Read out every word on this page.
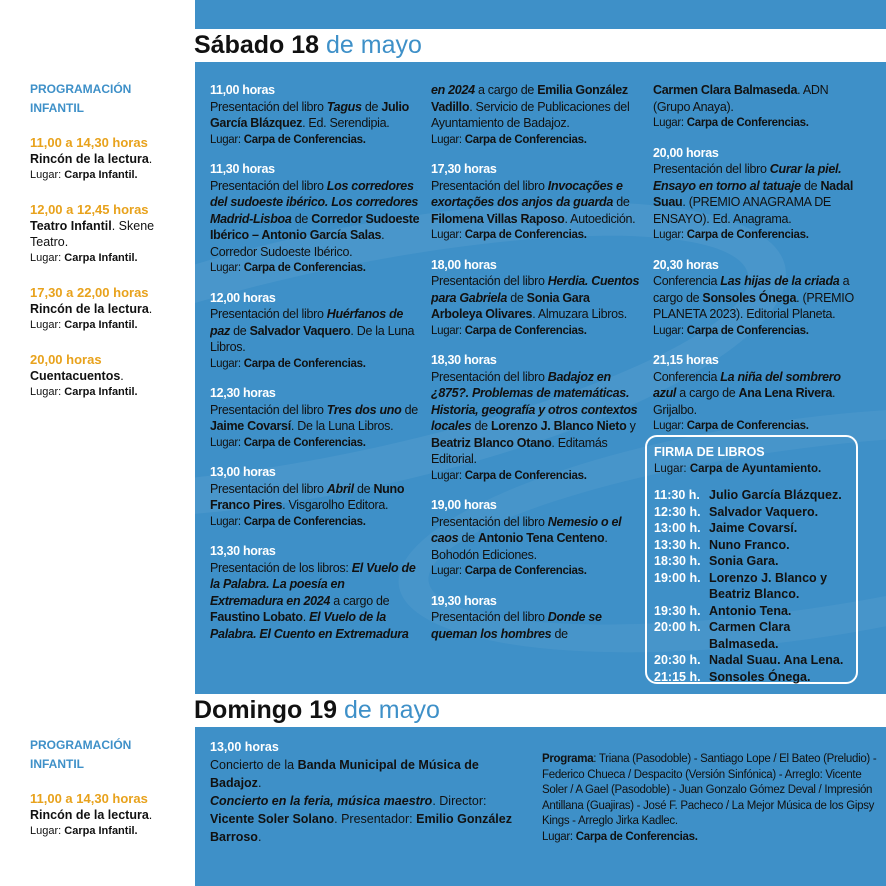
Sábado 18 de mayo
PROGRAMACIÓN
INFANTIL
11,00 a 14,30 horas
Rincón de la lectura.
Lugar: Carpa Infantil.
12,00 a 12,45 horas
Teatro Infantil. Skene Teatro.
Lugar: Carpa Infantil.
17,30 a 22,00 horas
Rincón de la lectura.
Lugar: Carpa Infantil.
20,00 horas
Cuentacuentos.
Lugar: Carpa Infantil.
11,00 horas
Presentación del libro Tagus de Julio García Blázquez. Ed. Serendipia.
Lugar: Carpa de Conferencias.
11,30 horas
Presentación del libro Los corredores del sudoeste ibérico. Los corredores Madrid-Lisboa de Corredor Sudoeste Ibérico – Antonio García Salas. Corredor Sudoeste Ibérico.
Lugar: Carpa de Conferencias.
12,00 horas
Presentación del libro Huérfanos de paz de Salvador Vaquero. De la Luna Libros.
Lugar: Carpa de Conferencias.
12,30 horas
Presentación del libro Tres dos uno de Jaime Covarsí. De la Luna Libros.
Lugar: Carpa de Conferencias.
13,00 horas
Presentación del libro Abril de Nuno Franco Pires. Visgarolho Editora.
Lugar: Carpa de Conferencias.
13,30 horas
Presentación de los libros: El Vuelo de la Palabra. La poesía en Extremadura en 2024 a cargo de Faustino Lobato. El Vuelo de la Palabra. El Cuento en Extremadura
en 2024 a cargo de Emilia González Vadillo. Servicio de Publicaciones del Ayuntamiento de Badajoz.
Lugar: Carpa de Conferencias.
17,30 horas
Presentación del libro Invocações e exortações dos anjos da guarda de Filomena Villas Raposo. Autoedición.
Lugar: Carpa de Conferencias.
18,00 horas
Presentación del libro Herdia. Cuentos para Gabriela de Sonia Gara Arboleya Olivares. Almuzara Libros.
Lugar: Carpa de Conferencias.
18,30 horas
Presentación del libro Badajoz en ¿875?. Problemas de matemáticas. Historia, geografía y otros contextos locales de Lorenzo J. Blanco Nieto y Beatriz Blanco Otano. Editamás Editorial.
Lugar: Carpa de Conferencias.
19,00 horas
Presentación del libro Nemesio o el caos de Antonio Tena Centeno. Bohodón Ediciones.
Lugar: Carpa de Conferencias.
19,30 horas
Presentación del libro Donde se queman los hombres de
Carmen Clara Balmaseda. ADN (Grupo Anaya).
Lugar: Carpa de Conferencias.
20,00 horas
Presentación del libro Curar la piel. Ensayo en torno al tatuaje de Nadal Suau. (PREMIO ANAGRAMA DE ENSAYO). Ed. Anagrama.
Lugar: Carpa de Conferencias.
20,30 horas
Conferencia Las hijas de la criada a cargo de Sonsoles Ónega. (PREMIO PLANETA 2023). Editorial Planeta.
Lugar: Carpa de Conferencias.
21,15 horas
Conferencia La niña del sombrero azul a cargo de Ana Lena Rivera. Grijalbo.
Lugar: Carpa de Conferencias.
FIRMA DE LIBROS
Lugar: Carpa de Ayuntamiento.
11:30 h. Julio García Blázquez.
12:30 h. Salvador Vaquero.
13:00 h. Jaime Covarsí.
13:30 h. Nuno Franco.
18:30 h. Sonia Gara.
19:00 h. Lorenzo J. Blanco y Beatriz Blanco.
19:30 h. Antonio Tena.
20:00 h. Carmen Clara Balmaseda.
20:30 h. Nadal Suau. Ana Lena.
21:15 h. Sonsoles Ónega.
Domingo 19 de mayo
PROGRAMACIÓN
INFANTIL
11,00 a 14,30 horas
Rincón de la lectura.
Lugar: Carpa Infantil.
13,00 horas
Concierto de la Banda Municipal de Música de Badajoz.
Concierto en la feria, música maestro. Director: Vicente Soler Solano. Presentador: Emilio González Barroso.
Programa: Triana (Pasodoble) - Santiago Lope / El Bateo (Preludio) - Federico Chueca / Despacito (Versión Sinfónica) - Arreglo: Vicente Soler / A Gael (Pasodoble) - Juan Gonzalo Gómez Deval / Impresión Antillana (Guajiras) - José F. Pacheco / La Mejor Música de los Gipsy Kings - Arreglo Jirka Kadlec.
Lugar: Carpa de Conferencias.
